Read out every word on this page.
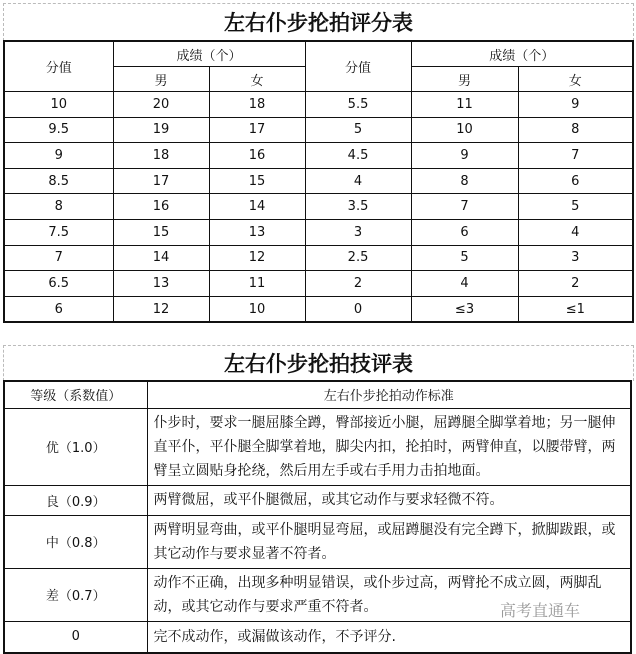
左右仆步抡拍评分表
分值	成绩（个）		分值	成绩（个）	
	男	女		男	女
10	20	18	5.5	11	9
9.5	19	17	5	10	8
9	18	16	4.5	9	7
8.5	17	15	4	8	6
8	16	14	3.5	7	5
7.5	15	13	3	6	4
7	14	12	2.5	5	3
6.5	13	11	2	4	2
6	12	10	0	≤3	≤1
左右仆步抡拍技评表
等级（系数值）	左右仆步抡拍动作标准
优（1.0）	仆步时，要求一腿屈膝全蹲，臀部接近小腿，屈蹲腿全脚掌着地；另一腿伸直平仆，平仆腿全脚掌着地，脚尖内扣，抡拍时，两臂伸直，以腰带臂，两臂呈立圆贴身抡绕，然后用左手或右手用力击拍地面。
良（0.9）	两臂微屈，或平仆腿微屈，或其它动作与要求轻微不符。
中（0.8）	两臂明显弯曲，或平仆腿明显弯屈，或屈蹲腿没有完全蹲下，掀脚跋跟，或其它动作与要求显著不符者。
差（0.7）	动作不正确，出现多种明显错误，或仆步过高，两臂抡不成立圆，两脚乱动，或其它动作与要求严重不符者。
0	完不成动作，或漏做该动作，不予评分.
高考直通车
